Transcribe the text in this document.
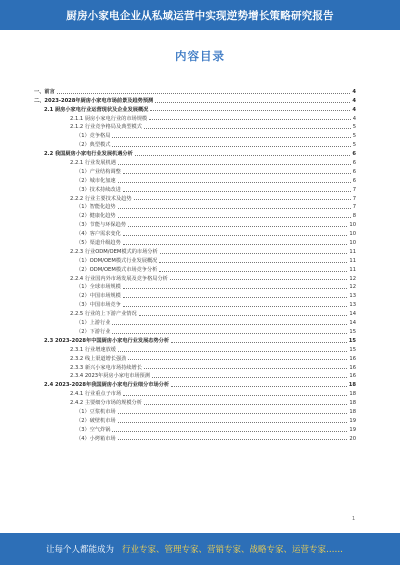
厨房小家电企业从私域运营中实现逆势增长策略研究报告
内容目录
一、前言	4
二、2023-2028年厨房小家电市场前景及趋势预测	4
2.1 厨房小家电行业运营现状及企业发展概况	4
2.1.1 厨房小家电行业的市场规模	4
2.1.2 行业竞争格局及典型模式	5
（1）竞争格局	5
（2）典型模式	5
2.2 我国厨房小家电行业发展机遇分析	6
2.2.1 行业发展机遇	6
（1）产业结构调整	6
（2）城市化加速	6
（3）技术持续改进	7
2.2.2 行业主要技术及趋势	7
（1）智能化趋势	7
（2）健康化趋势	8
（3）节能与环保趋势	10
（4）客户需求变化	10
（5）渠道升级趋势	10
2.2.3 行业ODM/OEM模式的市场分析	11
（1）ODM/OEM模式行业发展概况	11
（2）ODM/OEM模式市场竞争分析	11
2.2.4 行业国内外市场发展及竞争格局分析	12
（1）全球市场规模	12
（2）中国市场规模	13
（3）中国市场竞争	13
2.2.5 行业的上下游产业情况	14
（1）上游行业	14
（2）下游行业	15
2.3 2023-2028年中国厨房小家电行业发展态势分析	15
2.3.1 行业增速放缓	15
2.3.2 线上渠道增长强劲	16
2.3.3 新兴小家电市场持续增长	16
2.3.4 2023年厨房小家电市场预测	16
2.4 2023-2028年我国厨房小家电行业细分市场分析	18
2.4.1 行业重点子市场	18
2.4.2 主要细分市场的规模分析	18
（1）豆浆机市场	18
（2）破壁机市场	19
（3）空气炸锅	19
（4）小烤箱市场	20
1
让每个人都能成为 行业专家、管理专家、营销专家、战略专家、运营专家……
